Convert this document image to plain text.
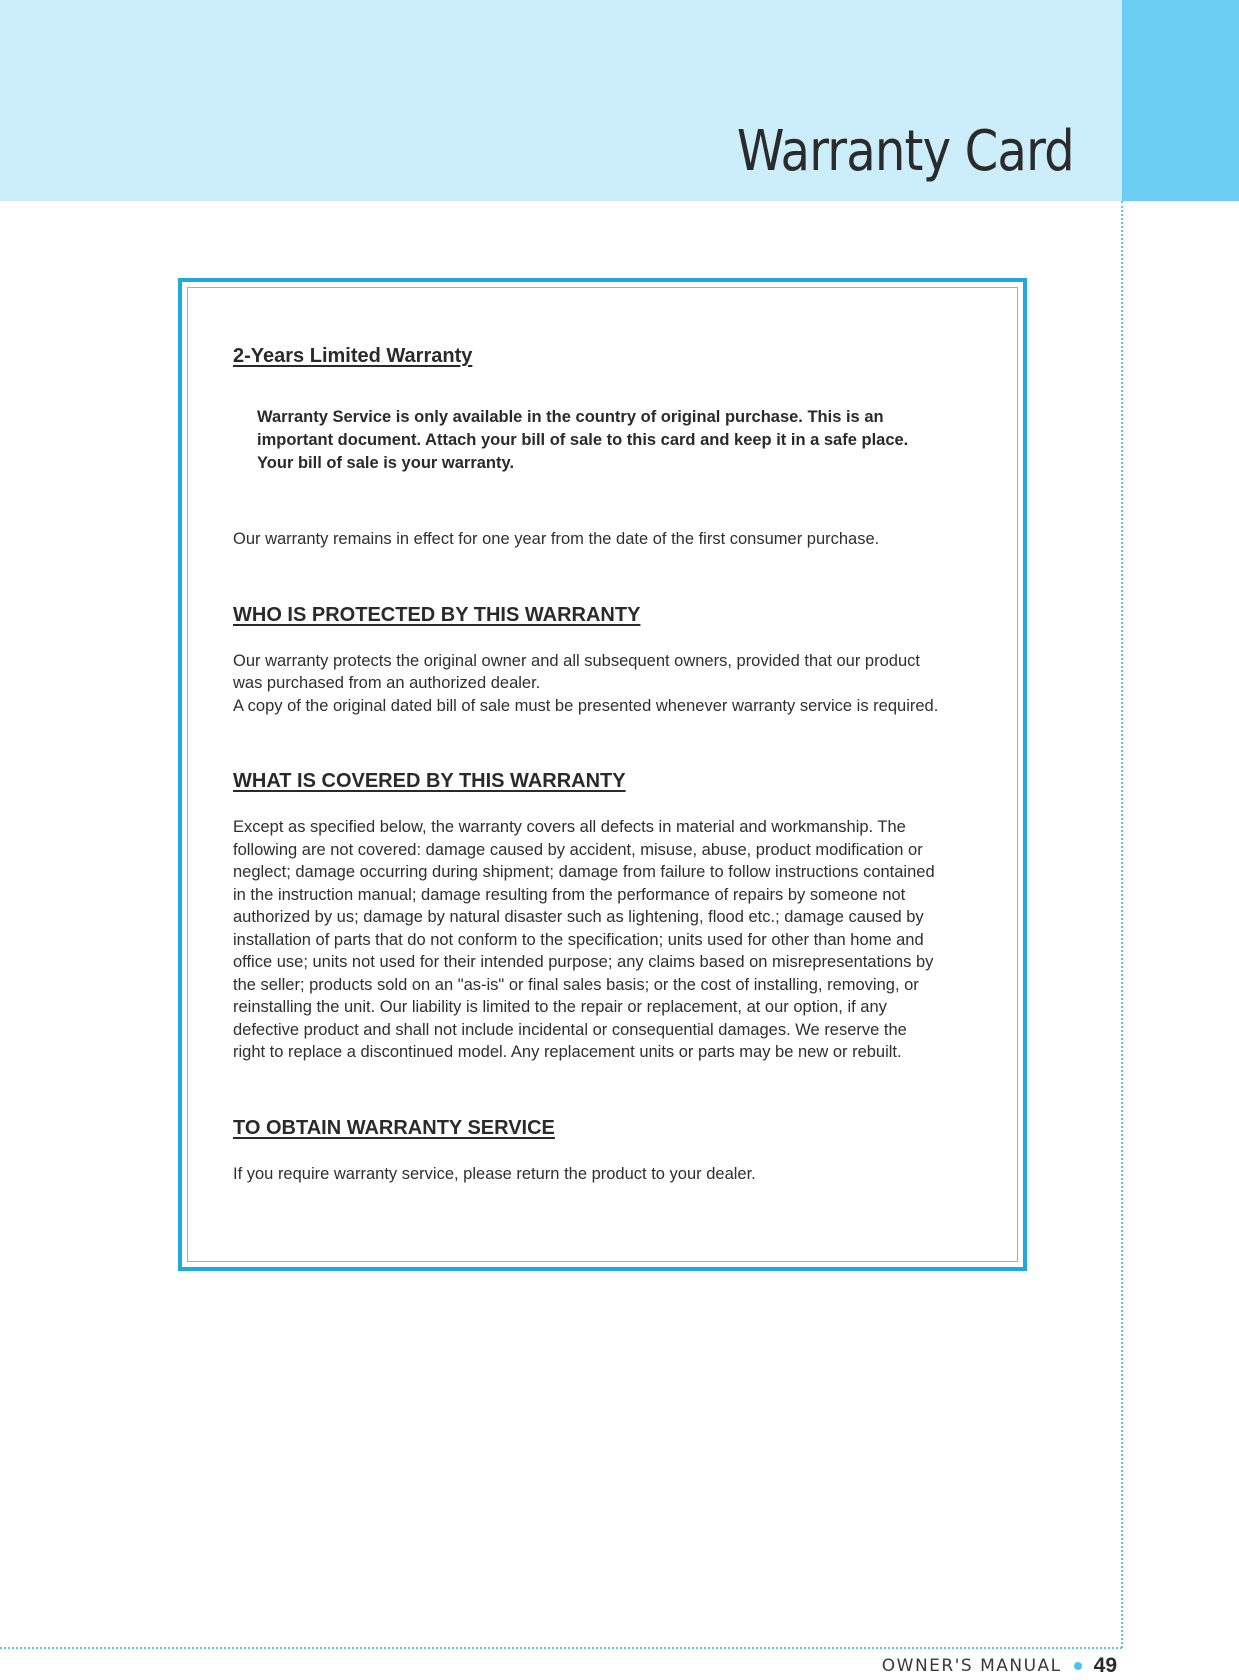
Warranty Card
2-Years Limited Warranty
Warranty Service is only available in the country of original purchase. This is an
important document. Attach your bill of sale to this card and keep it in a safe place.
Your bill of sale is your warranty.
Our warranty remains in effect for one year from the date of the first consumer purchase.
WHO IS PROTECTED BY THIS WARRANTY
Our warranty protects the original owner and all subsequent owners, provided that our product
was purchased from an authorized dealer.
A copy of the original dated bill of sale must be presented whenever warranty service is required.
WHAT IS COVERED BY THIS WARRANTY
Except as specified below, the warranty covers all defects in material and workmanship. The
following are not covered: damage caused by accident, misuse, abuse, product modification or
neglect; damage occurring during shipment; damage from failure to follow instructions contained
in the instruction manual; damage resulting from the performance of repairs by someone not
authorized by us; damage by natural disaster such as lightening, flood etc.; damage caused by
installation of parts that do not conform to the specification; units used for other than home and
office use; units not used for their intended purpose; any claims based on misrepresentations by
the seller; products sold on an "as-is" or final sales basis; or the cost of installing, removing, or
reinstalling the unit. Our liability is limited to the repair or replacement, at our option, if any
defective product and shall not include incidental or consequential damages. We reserve the
right to replace a discontinued model. Any replacement units or parts may be new or rebuilt.
TO OBTAIN WARRANTY SERVICE
If you require warranty service, please return the product to your dealer.
OWNER'S MANUAL 49
